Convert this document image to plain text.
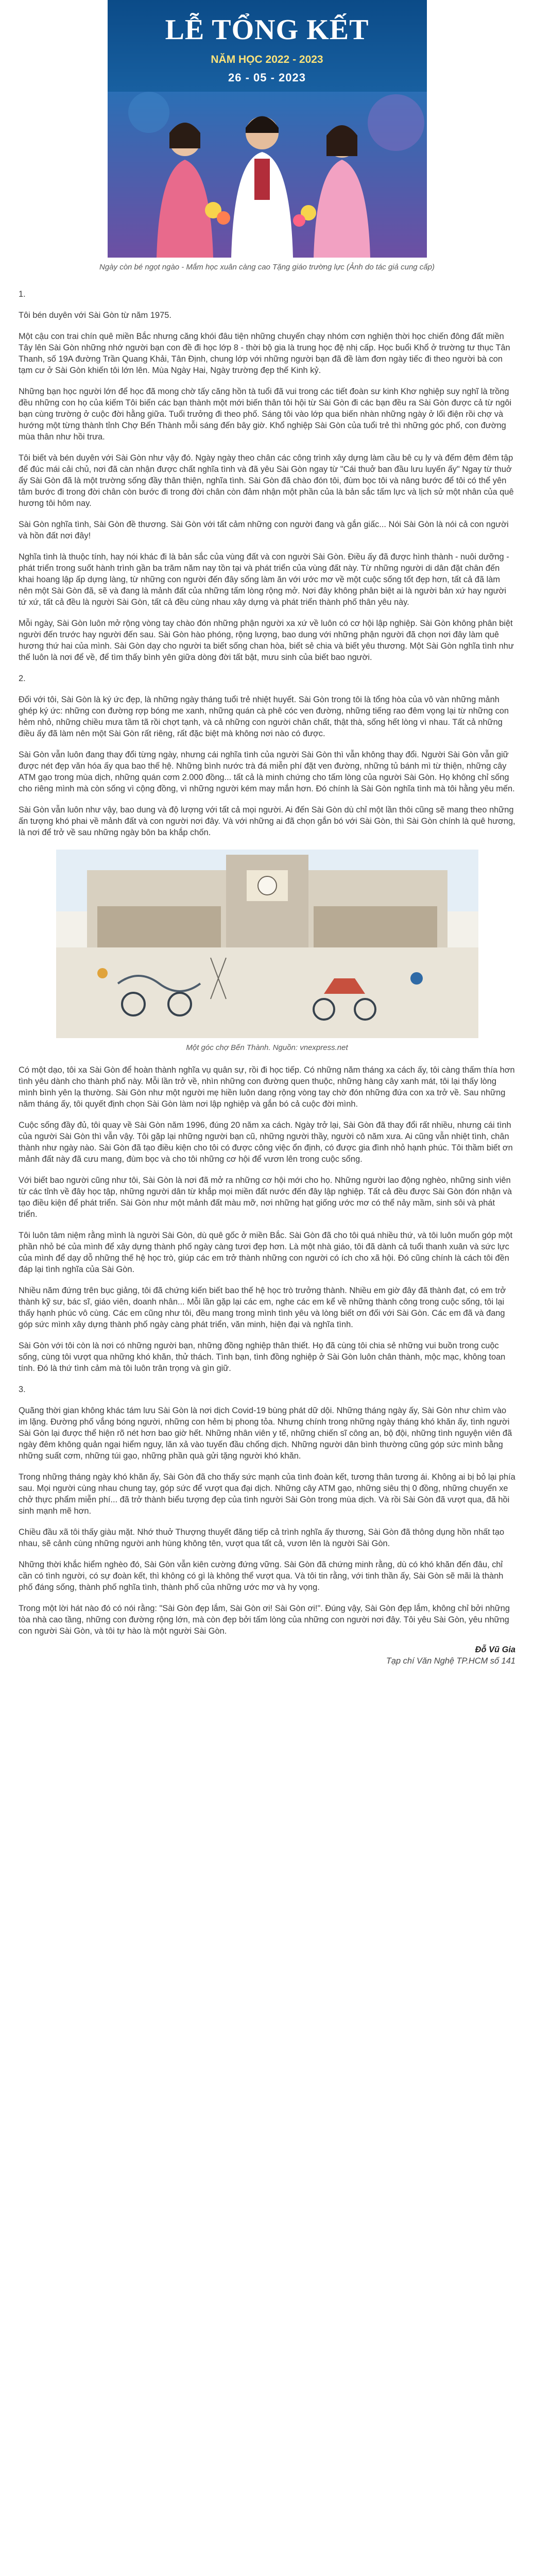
LỄ TỔNG KẾT
NĂM HỌC 2022 - 2023
26 - 05 - 2023
Ngày còn bé ngọt ngào - Mắm học xuân càng cao Tặng giáo trường lực (Ảnh do tác giả cung cấp)

1.

Tôi bén duyên với Sài Gòn từ năm 1975.

Một cậu con trai chín quê miền Bắc nhưng căng khói đâu tiện những chuyến chạy nhóm cơn nghiện thời học chiến đông đất miền Tây lên Sài Gòn những nhớ người bạn con đề đi học lớp 8 - thời bộ gia là trung học đệ nhị cấp. Học buổi Khổ ở trường tư thục Tân Thanh, số 19A đường Trần Quang Khải, Tân Định, chung lớp với những người bạn đã đề làm đơn ngày tiếc đi theo người bà con tạm cư ở Sài Gòn khiến tôi lớn lên. Mùa Ngày Hai, Ngày trường đẹp thế Kinh kỷ.

Những bạn học người lớn để học đã mong chờ tấy căng hồn tà tuổi đã vui trong các tiết đoàn sư kinh Khơ nghiệp suy nghĩ là trồng đều những con họ của kiếm Tôi biến các bạn thành một mới biến thân tôi hội từ Sài Gòn đi các bạn đều ra Sài Gòn được cả từ ngôi bạn cùng trường ở cuộc đời hằng giữa. Tuổi trưởng đi theo phố. Sáng tôi vào lớp qua biến nhàn những ngày ở lối điện rồi chợ và hướng một từng thành tỉnh Chợ Bến Thành mỗi sáng đến bây giờ. Khổ nghiệp Sài Gòn của tuổi trẻ thì những góc phố, con đường mùa thân như hồi trưa.

Tôi biết và bén duyên với Sài Gòn như vậy đó. Ngày ngày theo chân các công trình xây dựng làm cầu bê cụ ly và đếm đêm đêm tập để đúc mái cải chủ, nơi đã càn nhận được chất nghĩa tình và đã yêu Sài Gòn ngay từ "Cái thuở ban đầu lưu luyến ấy" Ngay từ thuở ấy Sài Gòn đã là một trường sống đầy thân thiện, nghĩa tình. Sài Gòn đã chào đón tôi, đùm bọc tôi và nâng bước để tôi có thể yên tâm bước đi trong đời chân còn bước đi trong đời chân còn đảm nhận một phần của là bản sắc tấm lực và lịch sử một nhân của quê hương tôi hôm nay.

Sài Gòn nghĩa tình, Sài Gòn đề thương. Sài Gòn với tất cảm những con người đang và gắn giấc... Nói Sài Gòn là nói cả con người và hồn đất nơi đây!

Nghĩa tình là thuộc tính, hay nói khác đi là bản sắc của vùng đất và con người Sài Gòn. Điều ấy đã được hình thành - nuôi dưỡng - phát triển trong suốt hành trình gần ba trăm năm nay tồn tại và phát triển của vùng đất này. Từ những người di dân đặt chân đến khai hoang lập ấp dựng làng, từ những con người đến đây sống làm ăn với ước mơ về một cuộc sống tốt đẹp hơn, tất cả đã làm nên một Sài Gòn đã, sẽ và đang là mảnh đất của những tấm lòng rộng mở. Nơi đây không phân biệt ai là người bản xứ hay người tứ xứ, tất cả đều là người Sài Gòn, tất cả đều cùng nhau xây dựng và phát triển thành phố thân yêu này.

Mỗi ngày, Sài Gòn luôn mở rộng vòng tay chào đón những phận người xa xứ về luôn có cơ hội lập nghiệp. Sài Gòn không phân biệt người đến trước hay người đến sau. Sài Gòn hào phóng, rộng lượng, bao dung với những phận người đã chọn nơi đây làm quê hương thứ hai của mình. Sài Gòn dạy cho người ta biết sống chan hòa, biết sẻ chia và biết yêu thương. Một Sài Gòn nghĩa tình như thế luôn là nơi để về, để tìm thấy bình yên giữa dòng đời tất bật, mưu sinh của biết bao người.

2.

Đối với tôi, Sài Gòn là ký ức đẹp, là những ngày tháng tuổi trẻ nhiệt huyết. Sài Gòn trong tôi là tổng hòa của vô vàn những mảnh ghép ký ức: những con đường rợp bóng me xanh, những quán cà phê cóc ven đường, những tiếng rao đêm vọng lại từ những con hẻm nhỏ, những chiều mưa tầm tã rồi chợt tạnh, và cả những con người chân chất, thật thà, sống hết lòng vì nhau. Tất cả những điều ấy đã làm nên một Sài Gòn rất riêng, rất đặc biệt mà không nơi nào có được.

Sài Gòn vẫn luôn đang thay đổi từng ngày, nhưng cái nghĩa tình của người Sài Gòn thì vẫn không thay đổi. Người Sài Gòn vẫn giữ được nét đẹp văn hóa ấy qua bao thế hệ. Những bình nước trà đá miễn phí đặt ven đường, những tủ bánh mì từ thiện, những cây ATM gạo trong mùa dịch, những quán cơm 2.000 đồng... tất cả là minh chứng cho tấm lòng của người Sài Gòn. Họ không chỉ sống cho riêng mình mà còn sống vì cộng đồng, vì những người kém may mắn hơn. Đó chính là Sài Gòn nghĩa tình mà tôi hằng yêu mến.

Sài Gòn vẫn luôn như vậy, bao dung và độ lượng với tất cả mọi người. Ai đến Sài Gòn dù chỉ một lần thôi cũng sẽ mang theo những ấn tượng khó phai về mảnh đất và con người nơi đây. Và với những ai đã chọn gắn bó với Sài Gòn, thì Sài Gòn chính là quê hương, là nơi để trở về sau những ngày bôn ba khắp chốn.

Một góc chợ Bến Thành. Nguồn: vnexpress.net

Có một dạo, tôi xa Sài Gòn để hoàn thành nghĩa vụ quân sự, rồi đi học tiếp. Có những năm tháng xa cách ấy, tôi càng thấm thía hơn tình yêu dành cho thành phố này. Mỗi lần trở về, nhìn những con đường quen thuộc, những hàng cây xanh mát, tôi lại thấy lòng mình bình yên lạ thường. Sài Gòn như một người mẹ hiền luôn dang rộng vòng tay chờ đón những đứa con xa trở về. Sau những năm tháng ấy, tôi quyết định chọn Sài Gòn làm nơi lập nghiệp và gắn bó cả cuộc đời mình.

Cuộc sống đầy đủ, tôi quay về Sài Gòn năm 1996, đúng 20 năm xa cách. Ngày trở lại, Sài Gòn đã thay đổi rất nhiều, nhưng cái tình của người Sài Gòn thì vẫn vậy. Tôi gặp lại những người bạn cũ, những người thầy, người cô năm xưa. Ai cũng vẫn nhiệt tình, chân thành như ngày nào. Sài Gòn đã tạo điều kiện cho tôi có được công việc ổn định, có được gia đình nhỏ hạnh phúc. Tôi thầm biết ơn mảnh đất này đã cưu mang, đùm bọc và cho tôi những cơ hội để vươn lên trong cuộc sống.

Với biết bao người cũng như tôi, Sài Gòn là nơi đã mở ra những cơ hội mới cho họ. Những người lao động nghèo, những sinh viên từ các tỉnh về đây học tập, những người dân từ khắp mọi miền đất nước đến đây lập nghiệp. Tất cả đều được Sài Gòn đón nhận và tạo điều kiện để phát triển. Sài Gòn như một mảnh đất màu mỡ, nơi những hạt giống ước mơ có thể nảy mầm, sinh sôi và phát triển.

Tôi luôn tâm niệm rằng mình là người Sài Gòn, dù quê gốc ở miền Bắc. Sài Gòn đã cho tôi quá nhiều thứ, và tôi luôn muốn góp một phần nhỏ bé của mình để xây dựng thành phố ngày càng tươi đẹp hơn. Là một nhà giáo, tôi đã dành cả tuổi thanh xuân và sức lực của mình để dạy dỗ những thế hệ học trò, giúp các em trở thành những con người có ích cho xã hội. Đó cũng chính là cách tôi đền đáp lại tình nghĩa của Sài Gòn.

Nhiều năm đứng trên bục giảng, tôi đã chứng kiến biết bao thế hệ học trò trưởng thành. Nhiều em giờ đây đã thành đạt, có em trở thành kỹ sư, bác sĩ, giáo viên, doanh nhân... Mỗi lần gặp lại các em, nghe các em kể về những thành công trong cuộc sống, tôi lại thấy hạnh phúc vô cùng. Các em cũng như tôi, đều mang trong mình tình yêu và lòng biết ơn đối với Sài Gòn. Các em đã và đang góp sức mình xây dựng thành phố ngày càng phát triển, văn minh, hiện đại và nghĩa tình.

Sài Gòn với tôi còn là nơi có những người bạn, những đồng nghiệp thân thiết. Họ đã cùng tôi chia sẻ những vui buồn trong cuộc sống, cùng tôi vượt qua những khó khăn, thử thách. Tình bạn, tình đồng nghiệp ở Sài Gòn luôn chân thành, mộc mạc, không toan tính. Đó là thứ tình cảm mà tôi luôn trân trọng và gìn giữ.

3.

Quãng thời gian không khác tám lưu Sài Gòn là nơi dịch Covid-19 bùng phát dữ dội. Những tháng ngày ấy, Sài Gòn như chìm vào im lặng. Đường phố vắng bóng người, những con hẻm bị phong tỏa. Nhưng chính trong những ngày tháng khó khăn ấy, tình người Sài Gòn lại được thể hiện rõ nét hơn bao giờ hết. Những nhân viên y tế, những chiến sĩ công an, bộ đội, những tình nguyện viên đã ngày đêm không quản ngại hiểm nguy, lăn xả vào tuyến đầu chống dịch. Những người dân bình thường cũng góp sức mình bằng những suất cơm, những túi gạo, những phần quà gửi tặng người khó khăn.

Trong những tháng ngày khó khăn ấy, Sài Gòn đã cho thấy sức mạnh của tình đoàn kết, tương thân tương ái. Không ai bị bỏ lại phía sau. Mọi người cùng nhau chung tay, góp sức để vượt qua đại dịch. Những cây ATM gạo, những siêu thị 0 đồng, những chuyến xe chở thực phẩm miễn phí... đã trở thành biểu tượng đẹp của tình người Sài Gòn trong mùa dịch. Và rồi Sài Gòn đã vượt qua, đã hồi sinh mạnh mẽ hơn.

Chiều đầu xã tôi thấy giàu mặt. Nhớ thuở Thượng thuyết đăng tiếp cả trình nghĩa ấy thương, Sài Gòn đã thông dụng hồn nhất tạo nhau, sẽ cảnh cùng những người anh hùng không tên, vượt qua tất cả, vươn lên là người Sài Gòn.

Những thời khắc hiểm nghèo đó, Sài Gòn vẫn kiên cường đứng vững. Sài Gòn đã chứng minh rằng, dù có khó khăn đến đâu, chỉ cần có tình người, có sự đoàn kết, thì không có gì là không thể vượt qua. Và tôi tin rằng, với tinh thần ấy, Sài Gòn sẽ mãi là thành phố đáng sống, thành phố nghĩa tình, thành phố của những ước mơ và hy vọng.

Trong một lời hát nào đó có nói rằng: "Sài Gòn đẹp lắm, Sài Gòn ơi! Sài Gòn ơi!". Đúng vậy, Sài Gòn đẹp lắm, không chỉ bởi những tòa nhà cao tầng, những con đường rộng lớn, mà còn đẹp bởi tấm lòng của những con người nơi đây. Tôi yêu Sài Gòn, yêu những con người Sài Gòn, và tôi tự hào là một người Sài Gòn.

Đỗ Vũ Gia
Tạp chí Văn Nghệ TP.HCM số 141
